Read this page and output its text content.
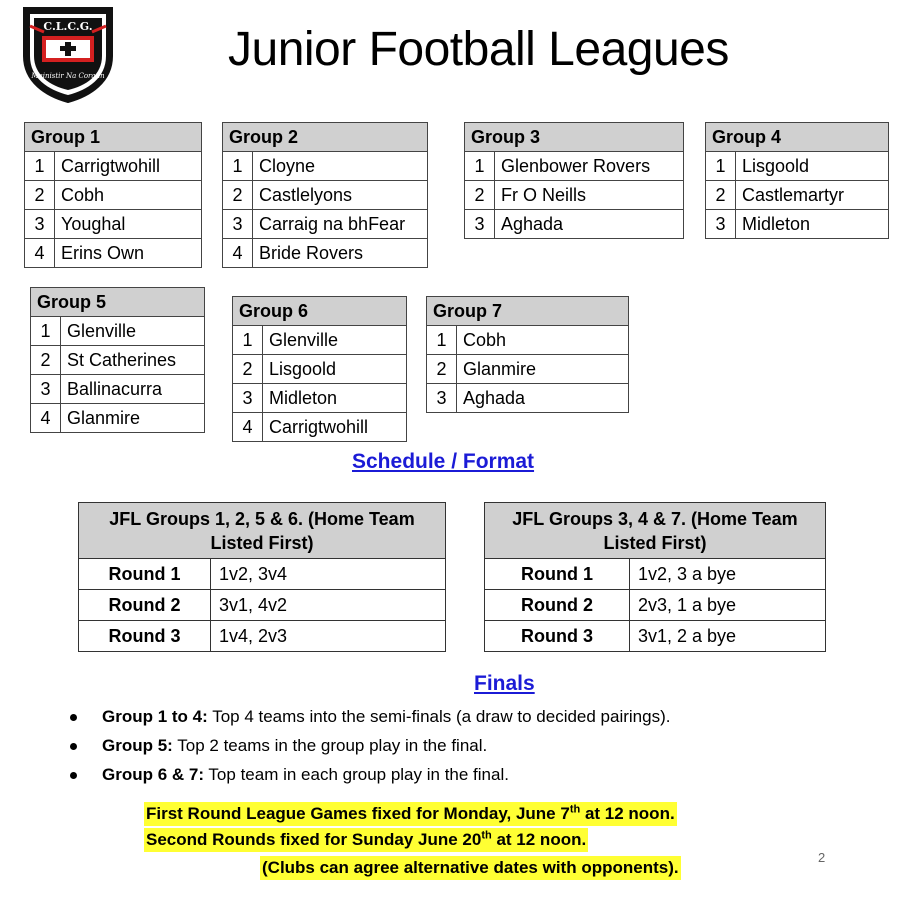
C.L.C.G.
Mainistir Na Corann	Junior Football Leagues
Group 1	
1	Carrigtwohill
2	Cobh
3	Youghal
4	Erins Own
Group 2	
1	Cloyne
2	Castlelyons
3	Carraig na bhFear
4	Bride Rovers
Group 3	
1	Glenbower Rovers
2	Fr O Neills
3	Aghada
Group 4	
1	Lisgoold
2	Castlemartyr
3	Midleton
Group 5	
1	Glenville
2	St Catherines
3	Ballinacurra
4	Glanmire
Group 6	
1	Glenville
2	Lisgoold
3	Midleton
4	Carrigtwohill
Group 7	
1	Cobh
2	Glanmire
3	Aghada
Schedule / Format
JFL Groups 1, 2, 5 & 6. (Home Team Listed First)	
Round 1	1v2, 3v4
Round 2	3v1, 4v2
Round 3	1v4, 2v3
JFL Groups 3, 4 & 7. (Home Team Listed First)	
Round 1	1v2, 3 a bye
Round 2	2v3, 1 a bye
Round 3	3v1, 2 a bye
Finals
Group 1 to 4: Top 4 teams into the semi-finals (a draw to decided pairings).
Group 5: Top 2 teams in the group play in the final.
Group 6 & 7: Top team in each group play in the final.
First Round League Games fixed for Monday, June 7th at 12 noon.
Second Rounds fixed for Sunday June 20th at 12 noon.
(Clubs can agree alternative dates with opponents).
2
